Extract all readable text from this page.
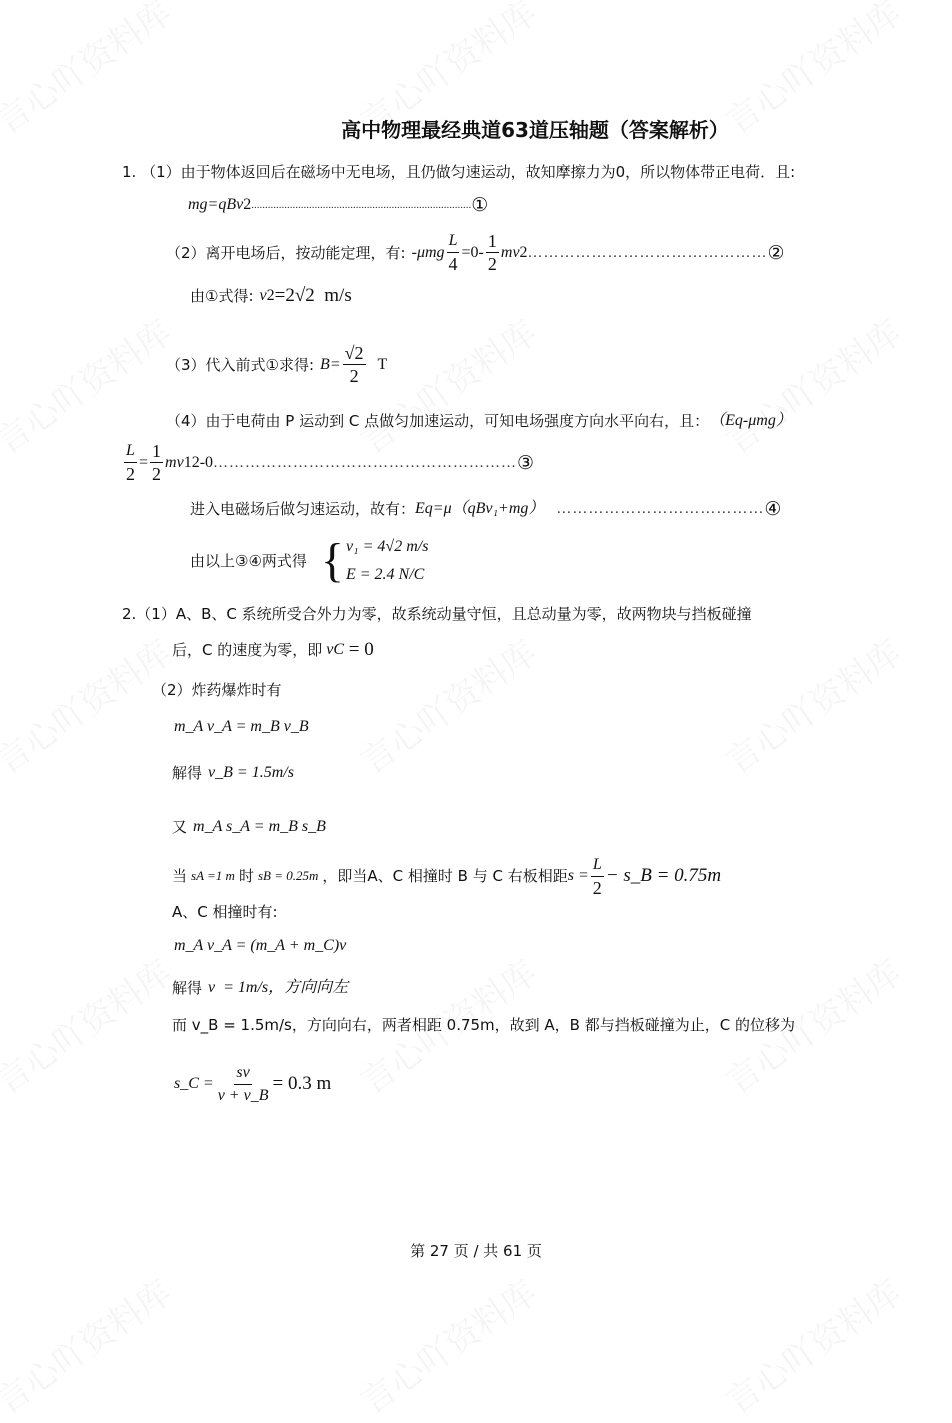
高中物理最经典道63道压轴题（答案解析）
1. （1）由于物体返回后在磁场中无电场，且仍做匀速运动，故知摩擦力为0，所以物体带正电荷．且:
mg=qBv 2 ................................................................................ ①
（2）离开电场后，按动能定理，有: $-\mu mg \frac{L}{4} =0- \frac{1}{2}$ mv 2 ……………………………………… ②
由①式得: v 2 =2√2  m/s
（3）代入前式①求得: $B= \frac{√2}{2}$ T
（4）由于电荷由 P 运动到 C 点做匀加速运动，可知电场强度方向水平向右，且： （Eq-μmg）
$\frac{L}{2} = \frac{1}{2}$ mv 1 2 -0 ………………………………………………… ③
进入电磁场后做匀速运动，故有： Eq=μ（qBv₁+mg） ………………………………… ④
由以上③④两式得 { v₁ = 4√2 m/s
E = 2.4 N/C
2.（1）A、B、C 系统所受合外力为零，故系统动量守恒，且总动量为零，故两物块与挡板碰撞
后，C 的速度为零，即 v C = 0
（2）炸药爆炸时有
m_A v_A = m_B v_B
解得 v_B = 1.5m/s
又 m_A s_A = m_B s_B
当 sA =1 m 时 sB = 0.25m ，即当A、C 相撞时 B 与 C 右板相距 $s = \frac{L}{2}$ − s_B = 0.75m
A、C 相撞时有:
m_A v_A = (m_A + m_C)v
解得 v  = 1m/s，方向向左
而 v_B = 1.5m/s，方向向右，两者相距 0.75m，故到 A，B 都与挡板碰撞为止，C 的位移为
s_C = $\frac{sv}{v + v\_B} = 0.3$ m
第 27 页 / 共 61 页
